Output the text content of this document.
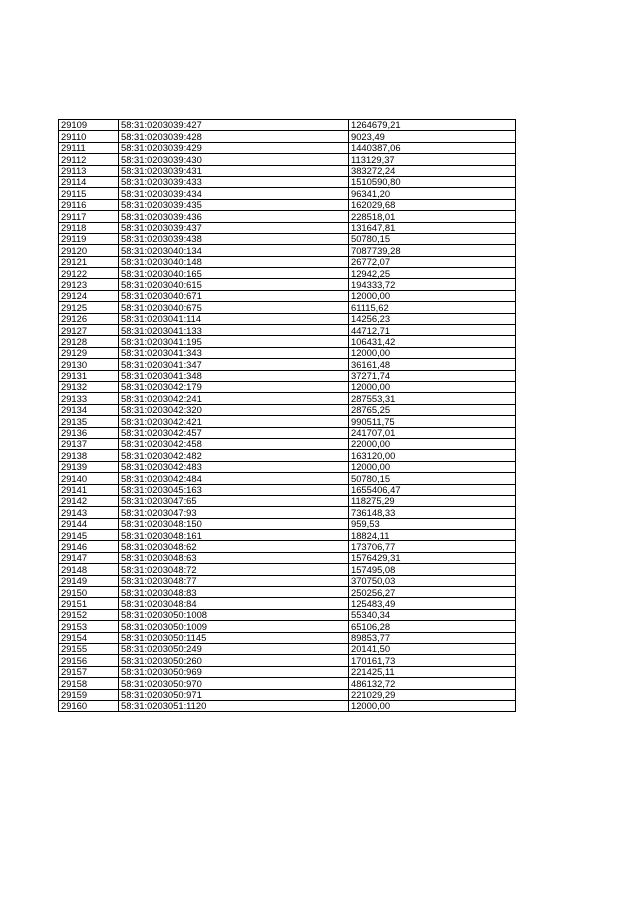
29109	58:31:0203039:427	1264679,21
29110	58:31:0203039:428	9023,49
29111	58:31:0203039:429	1440387,06
29112	58:31:0203039:430	113129,37
29113	58:31:0203039:431	383272,24
29114	58:31:0203039:433	1510590,80
29115	58:31:0203039:434	96341,20
29116	58:31:0203039:435	162029,68
29117	58:31:0203039:436	228518,01
29118	58:31:0203039:437	131647,81
29119	58:31:0203039:438	50780,15
29120	58:31:0203040:134	7087739,28
29121	58:31:0203040:148	26772,07
29122	58:31:0203040:165	12942,25
29123	58:31:0203040:615	194333,72
29124	58:31:0203040:671	12000,00
29125	58:31:0203040:675	61115,62
29126	58:31:0203041:114	14256,23
29127	58:31:0203041:133	44712,71
29128	58:31:0203041:195	106431,42
29129	58:31:0203041:343	12000,00
29130	58:31:0203041:347	36161,48
29131	58:31:0203041:348	37271,74
29132	58:31:0203042:179	12000,00
29133	58:31:0203042:241	287553,31
29134	58:31:0203042:320	28765,25
29135	58:31:0203042:421	990511,75
29136	58:31:0203042:457	241707,01
29137	58:31:0203042:458	22000,00
29138	58:31:0203042:482	163120,00
29139	58:31:0203042:483	12000,00
29140	58:31:0203042:484	50780,15
29141	58:31:0203045:163	1655406,47
29142	58:31:0203047:65	118275,29
29143	58:31:0203047:93	736148,33
29144	58:31:0203048:150	959,53
29145	58:31:0203048:161	18824,11
29146	58:31:0203048:62	173706,77
29147	58:31:0203048:63	1576429,31
29148	58:31:0203048:72	157495,08
29149	58:31:0203048:77	370750,03
29150	58:31:0203048:83	250256,27
29151	58:31:0203048:84	125483,49
29152	58:31:0203050:1008	55340,34
29153	58:31:0203050:1009	65106,28
29154	58:31:0203050:1145	89853,77
29155	58:31:0203050:249	20141,50
29156	58:31:0203050:260	170161,73
29157	58:31:0203050:969	221425,11
29158	58:31:0203050:970	486132,72
29159	58:31:0203050:971	221029,29
29160	58:31:0203051:1120	12000,00
